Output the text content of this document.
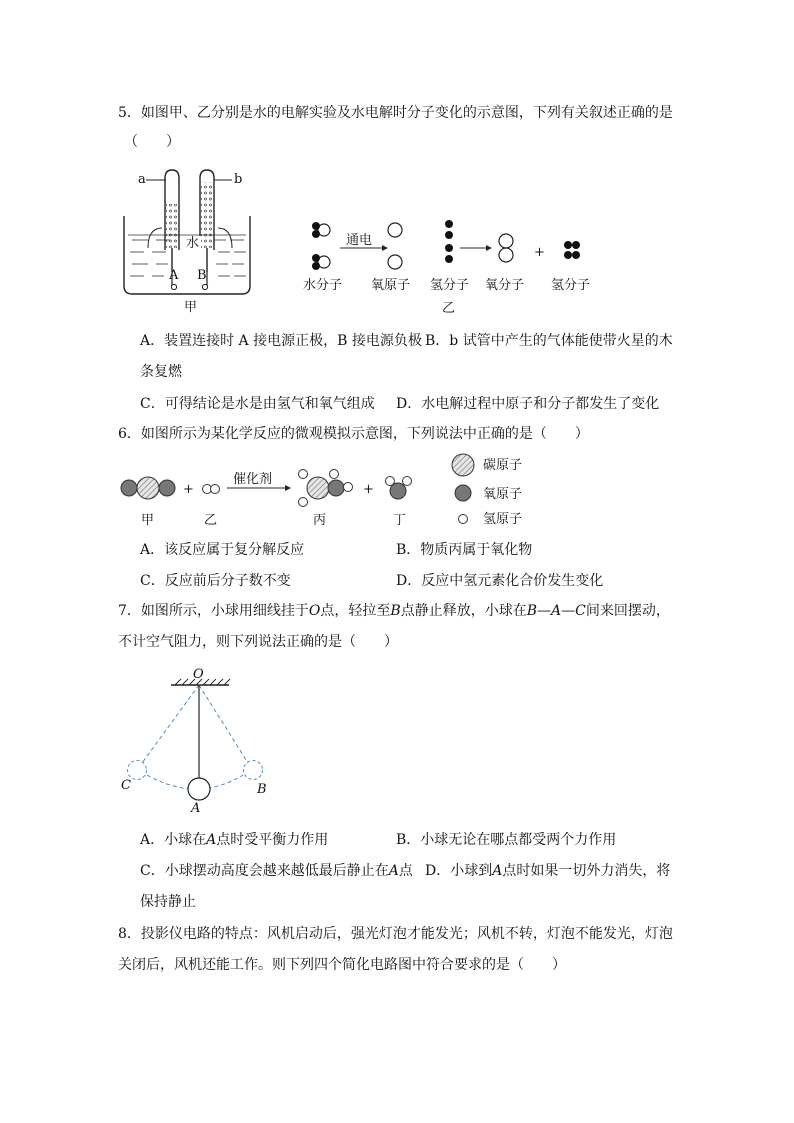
5．如图甲、乙分别是水的电解实验及水电解时分子变化的示意图，下列有关叙述正确的是
（　　）
a	b
水
A B
甲
通电
+
水分子 氧原子 氢分子 氧分子 氢分子
乙
A．装置连接时 A 接电源正极，B 接电源负极 B．b 试管中产生的气体能使带火星的木
条复燃
C．可得结论是水是由氢气和氧气组成 D．水电解过程中原子和分子都发生了变化
6．如图所示为某化学反应的微观模拟示意图，下列说法中正确的是（　　）
+	+
催化剂
甲	乙	丙	丁
碳原子
氧原子
氢原子
A．该反应属于复分解反应	B．物质丙属于氧化物
C．反应前后分子数不变	D．反应中氢元素化合价发生变化
7．如图所示，小球用细线挂于O点，轻拉至B点静止释放，小球在B—A—C间来回摆动，
不计空气阻力，则下列说法正确的是（　　）
O
C
A
B
A．小球在A点时受平衡力作用	B．小球无论在哪点都受两个力作用
C．小球摆动高度会越来越低最后静止在A点 D．小球到A点时如果一切外力消失，将
保持静止
8．投影仪电路的特点：风机启动后，强光灯泡才能发光；风机不转，灯泡不能发光，灯泡
关闭后，风机还能工作。则下列四个简化电路图中符合要求的是（　　）
